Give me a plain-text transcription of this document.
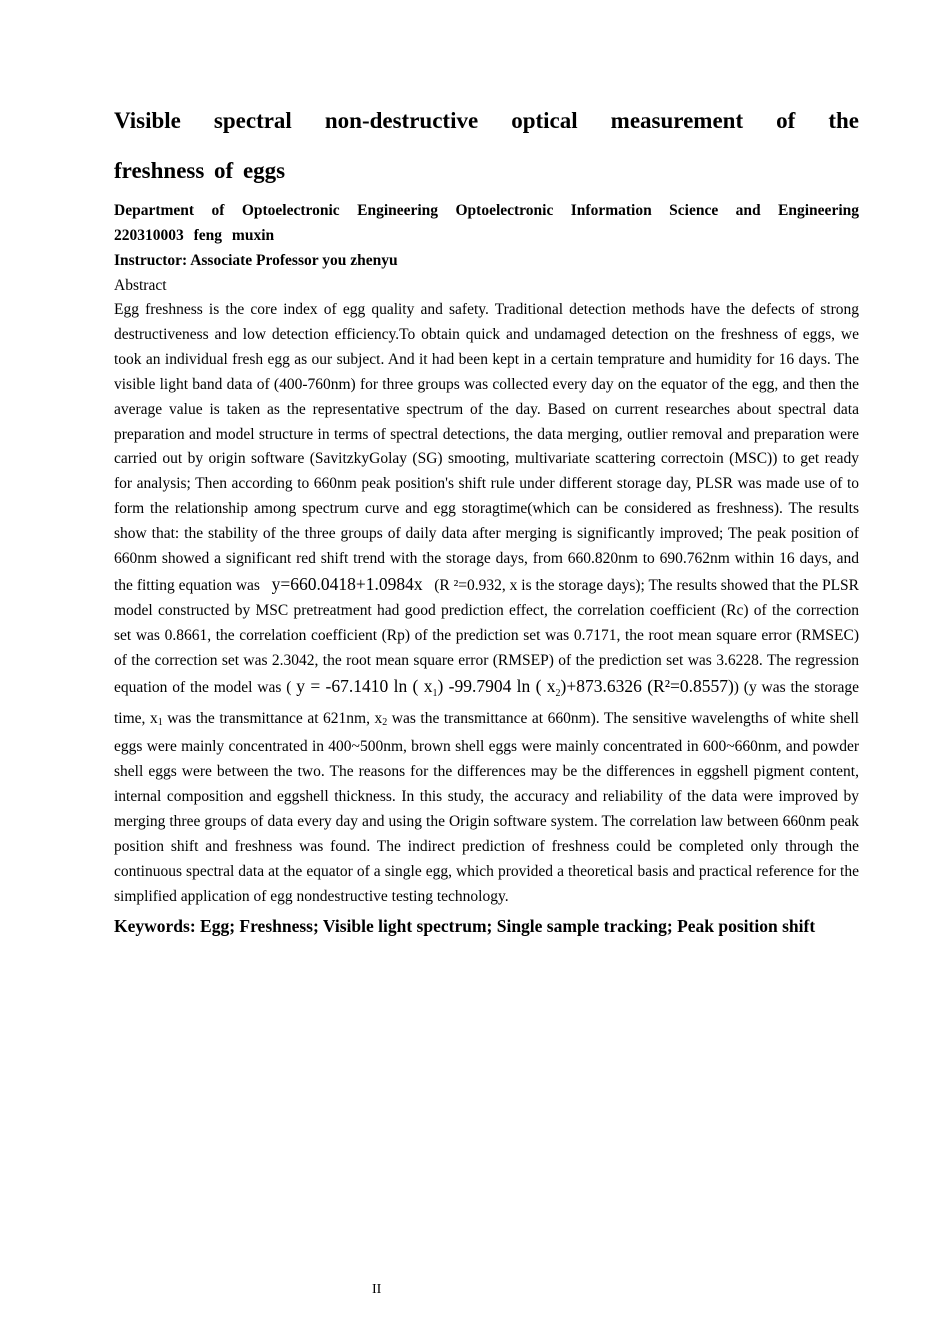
Visible spectral non-destructive optical measurement of the
freshness of eggs

Department of Optoelectronic Engineering Optoelectronic Information Science and Engineering
220310003 feng muxin

Instructor: Associate Professor you zhenyu

Abstract

Egg freshness is the core index of egg quality and safety. Traditional detection methods have the defects of strong destructiveness and low detection efficiency.To obtain quick and undamaged detection on the freshness of eggs, we took an individual fresh egg as our subject. And it had been kept in a certain temprature and humidity for 16 days. The visible light band data of (400-760nm) for three groups was collected every day on the equator of the egg, and then the average value is taken as the representative spectrum of the day. Based on current researches about spectral data preparation and model structure in terms of spectral detections, the data merging, outlier removal and preparation were carried out by origin software (SavitzkyGolay (SG) smooting, multivariate scattering correctoin (MSC)) to get ready for analysis; Then according to 660nm peak position's shift rule under different storage day, PLSR was made use of to form the relationship among spectrum curve and egg storagtime(which can be considered as freshness). The results show that: the stability of the three groups of daily data after merging is significantly improved; The peak position of 660nm showed a significant red shift trend with the storage days, from 660.820nm to 690.762nm within 16 days, and the fitting equation was y=660.0418+1.0984x (R ²=0.932, x is the storage days); The results showed that the PLSR model constructed by MSC pretreatment had good prediction effect, the correlation coefficient (Rc) of the correction set was 0.8661, the correlation coefficient (Rp) of the prediction set was 0.7171, the root mean square error (RMSEC) of the correction set was 2.3042, the root mean square error (RMSEP) of the prediction set was 3.6228. The regression equation of the model was ( y = -67.1410 ln ( $x_1$) -99.7904 ln ( $x_2)+873.6326$ (R²=0.8557)) (y was the storage time, x1 was the transmittance at 621nm, x2 was the transmittance at 660nm). The sensitive wavelengths of white shell eggs were mainly concentrated in 400~500nm, brown shell eggs were mainly concentrated in 600~660nm, and powder shell eggs were between the two. The reasons for the differences may be the differences in eggshell pigment content, internal composition and eggshell thickness. In this study, the accuracy and reliability of the data were improved by merging three groups of data every day and using the Origin software system. The correlation law between 660nm peak position shift and freshness was found. The indirect prediction of freshness could be completed only through the continuous spectral data at the equator of a single egg, which provided a theoretical basis and practical reference for the simplified application of egg nondestructive testing technology.

Keywords: Egg; Freshness; Visible light spectrum; Single sample tracking; Peak position shift

II
